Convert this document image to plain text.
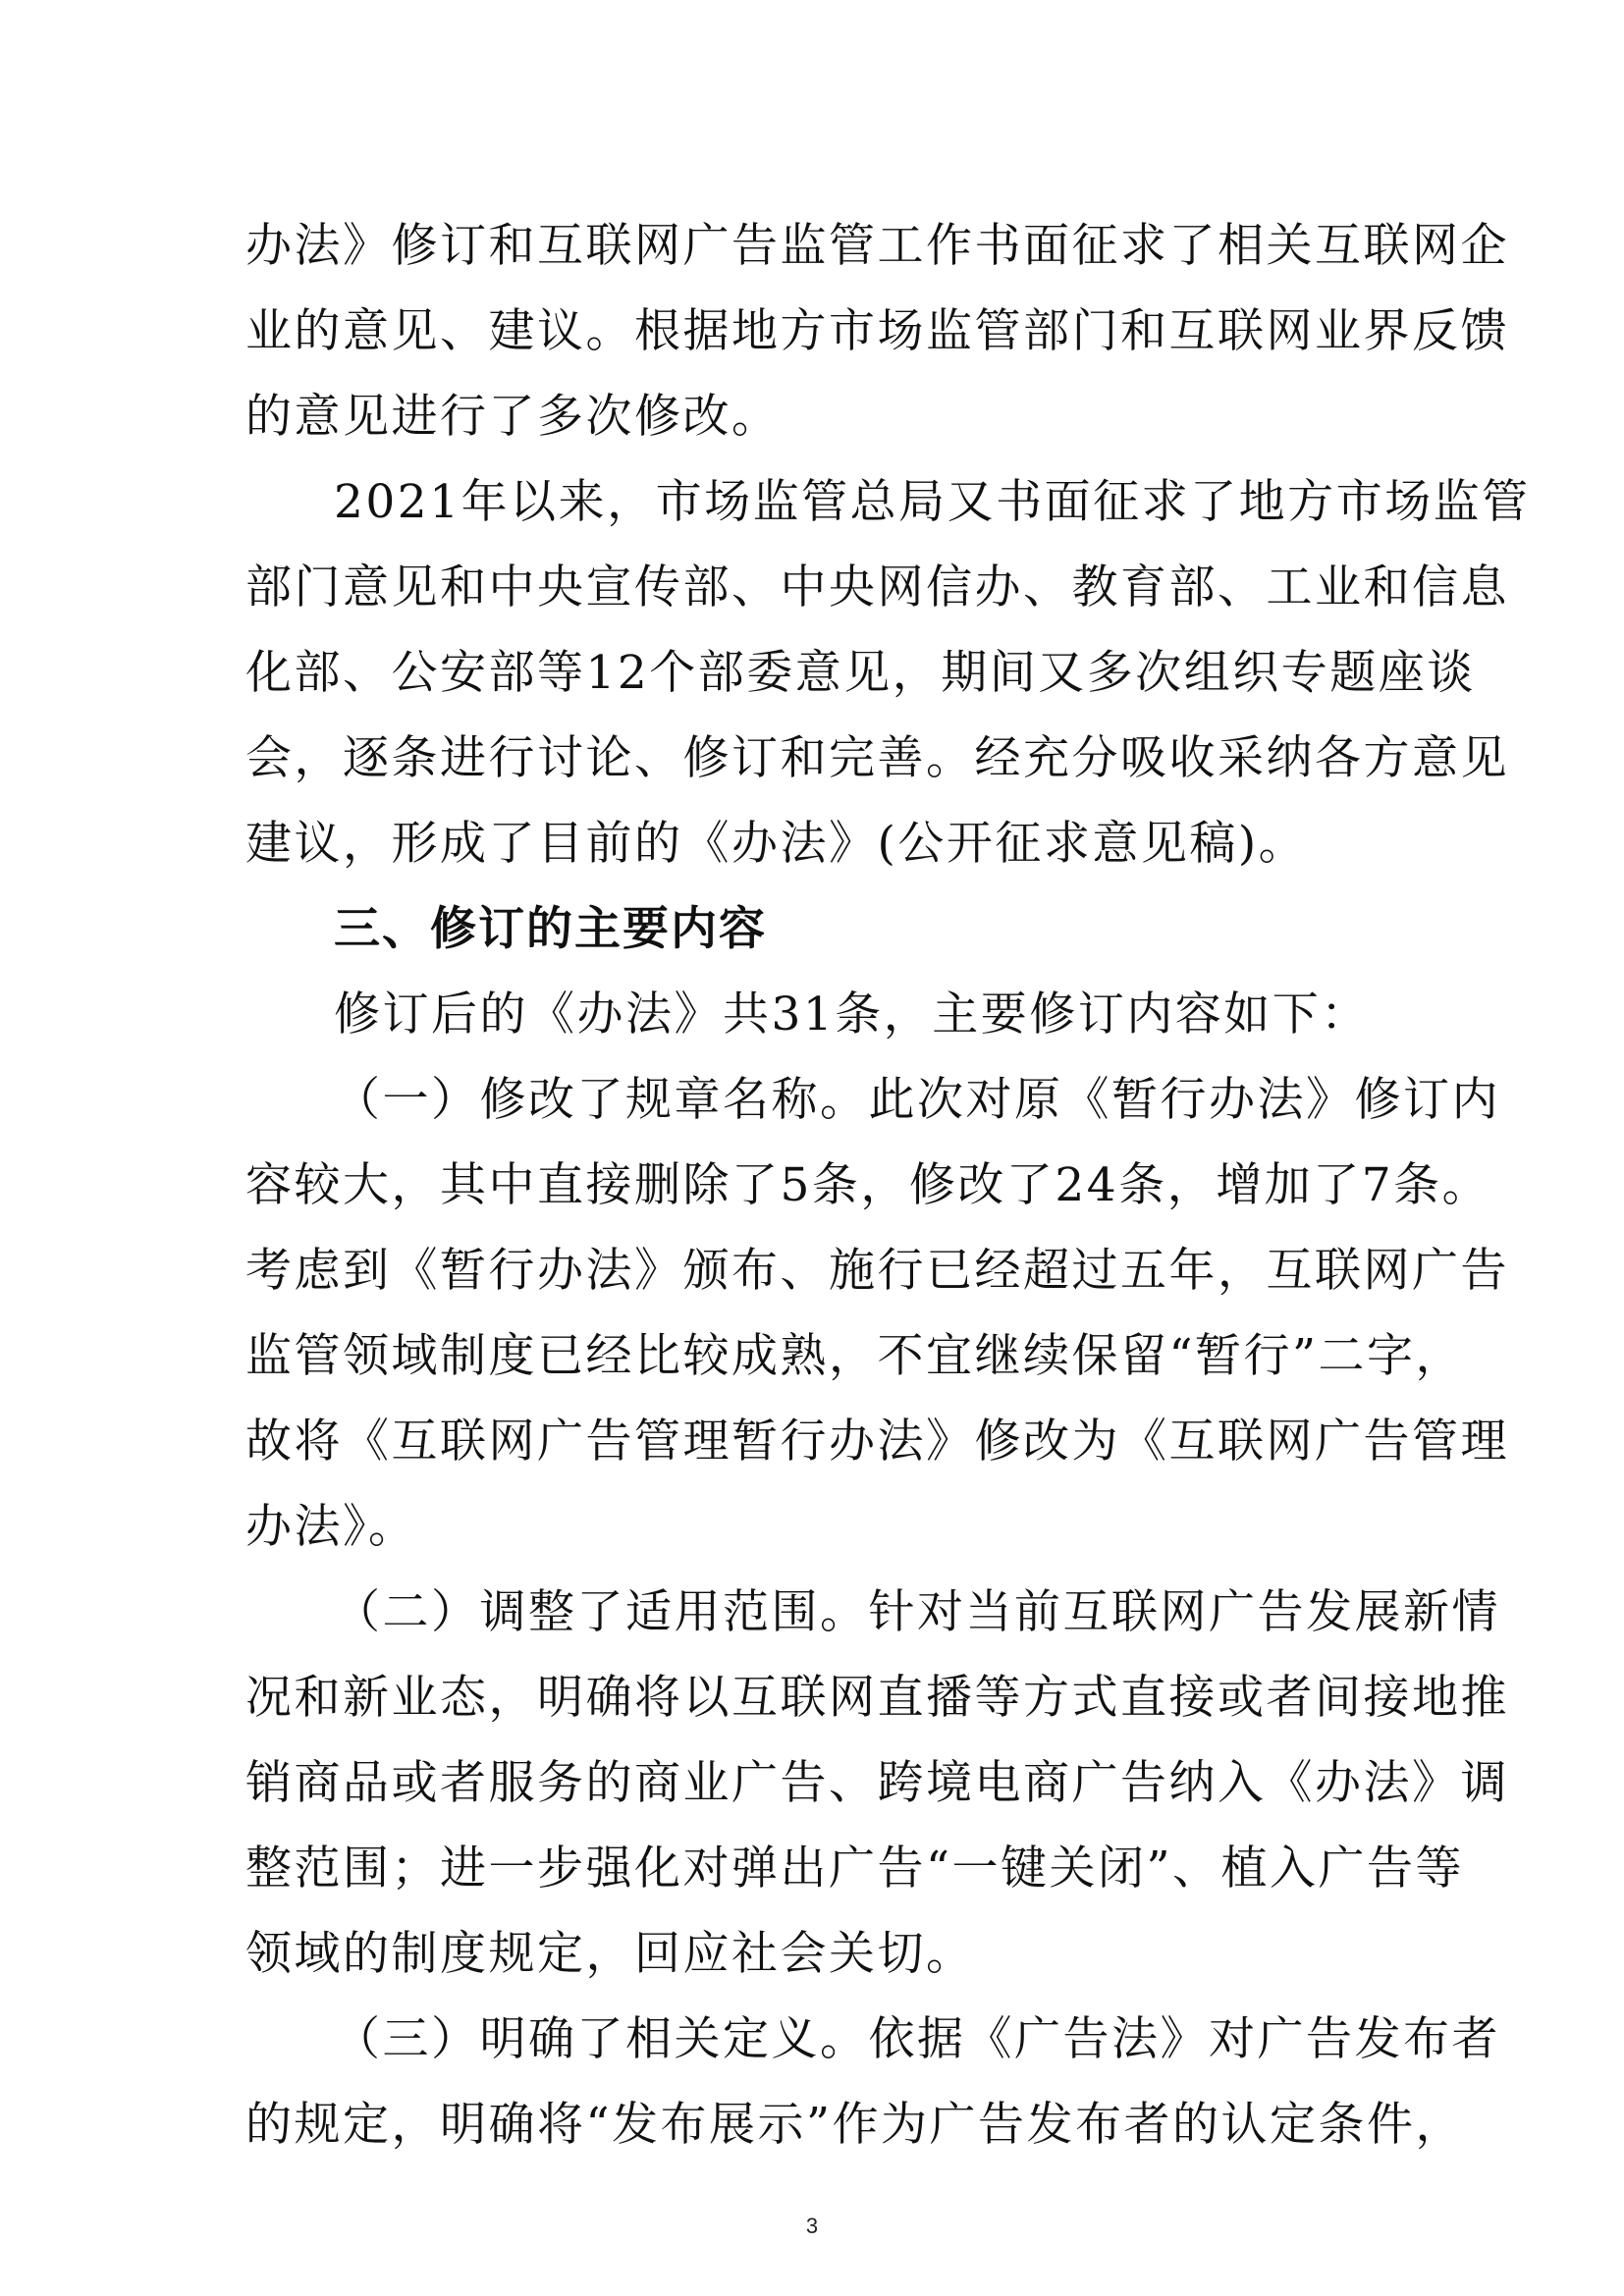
办法》修订和互联网广告监管工作书面征求了相关互联网企
业的意见、建议。根据地方市场监管部门和互联网业界反馈
的意见进行了多次修改。
2021年以来，市场监管总局又书面征求了地方市场监管
部门意见和中央宣传部、中央网信办、教育部、工业和信息
化部、公安部等12个部委意见，期间又多次组织专题座谈
会，逐条进行讨论、修订和完善。经充分吸收采纳各方意见
建议，形成了目前的《办法》(公开征求意见稿)。
三、修订的主要内容
修订后的《办法》共31条，主要修订内容如下：
（一）修改了规章名称。此次对原《暂行办法》修订内
容较大，其中直接删除了5条，修改了24条，增加了7条。
考虑到《暂行办法》颁布、施行已经超过五年，互联网广告
监管领域制度已经比较成熟，不宜继续保留“暂行”二字，
故将《互联网广告管理暂行办法》修改为《互联网广告管理
办法》。
（二）调整了适用范围。针对当前互联网广告发展新情
况和新业态，明确将以互联网直播等方式直接或者间接地推
销商品或者服务的商业广告、跨境电商广告纳入《办法》调
整范围；进一步强化对弹出广告“一键关闭”、植入广告等
领域的制度规定，回应社会关切。
（三）明确了相关定义。依据《广告法》对广告发布者
的规定，明确将“发布展示”作为广告发布者的认定条件，
3
